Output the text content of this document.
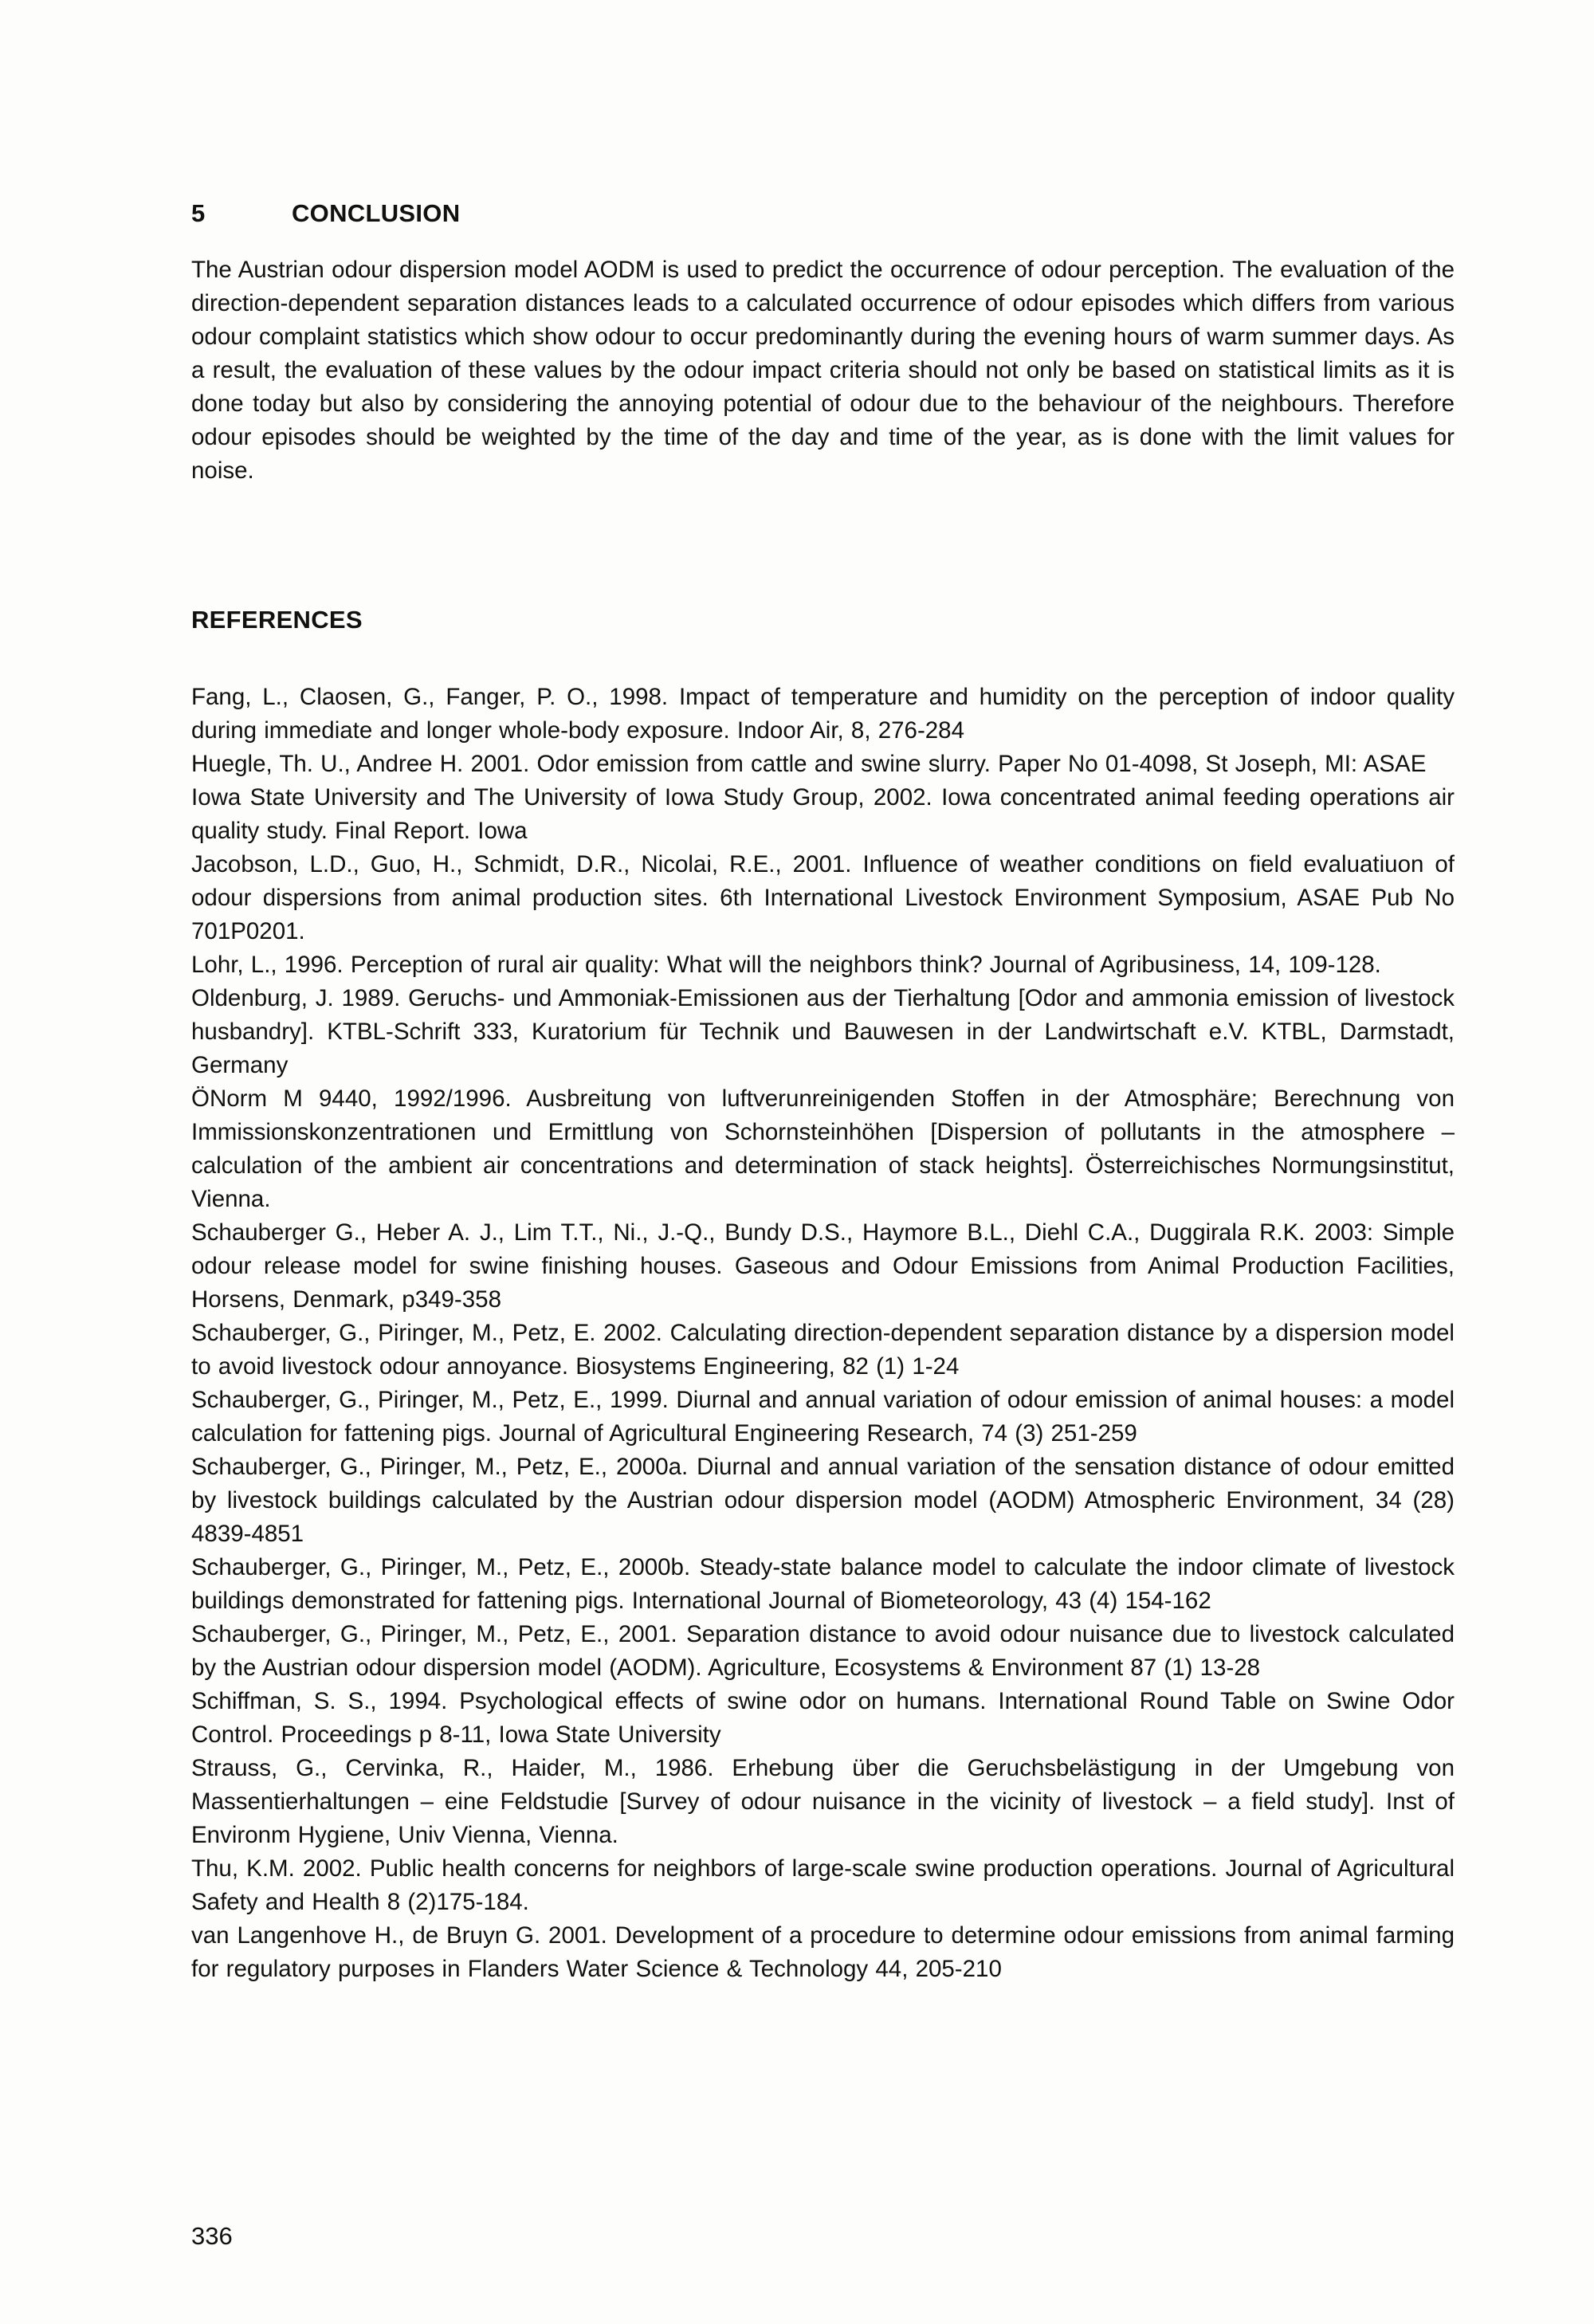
5	CONCLUSION

The Austrian odour dispersion model AODM is used to predict the occurrence of odour perception. The evaluation of the direction-dependent separation distances leads to a calculated occurrence of odour episodes which differs from various odour complaint statistics which show odour to occur predominantly during the evening hours of warm summer days. As a result, the evaluation of these values by the odour impact criteria should not only be based on statistical limits as it is done today but also by considering the annoying potential of odour due to the behaviour of the neighbours. Therefore odour episodes should be weighted by the time of the day and time of the year, as is done with the limit values for noise.

REFERENCES

Fang, L., Claosen, G., Fanger, P. O., 1998. Impact of temperature and humidity on the perception of indoor quality during immediate and longer whole-body exposure. Indoor Air, 8, 276-284

Huegle, Th. U., Andree H. 2001. Odor emission from cattle and swine slurry. Paper No 01-4098, St Joseph, MI: ASAE

Iowa State University and The University of Iowa Study Group, 2002. Iowa concentrated animal feeding operations air quality study. Final Report. Iowa

Jacobson, L.D., Guo, H., Schmidt, D.R., Nicolai, R.E., 2001. Influence of weather conditions on field evaluatiuon of odour dispersions from animal production sites. 6th International Livestock Environment Symposium, ASAE Pub No 701P0201.

Lohr, L., 1996. Perception of rural air quality: What will the neighbors think? Journal of Agribusiness, 14, 109-128.

Oldenburg, J. 1989. Geruchs- und Ammoniak-Emissionen aus der Tierhaltung [Odor and ammonia emission of livestock husbandry]. KTBL-Schrift 333, Kuratorium für Technik und Bauwesen in der Landwirtschaft e.V. KTBL, Darmstadt, Germany

ÖNorm M 9440, 1992/1996. Ausbreitung von luftverunreinigenden Stoffen in der Atmosphäre; Berechnung von Immissionskonzentrationen und Ermittlung von Schornsteinhöhen [Dispersion of pollutants in the atmosphere – calculation of the ambient air concentrations and determination of stack heights]. Österreichisches Normungsinstitut, Vienna.

Schauberger G., Heber A. J., Lim T.T., Ni., J.-Q., Bundy D.S., Haymore B.L., Diehl C.A., Duggirala R.K. 2003: Simple odour release model for swine finishing houses. Gaseous and Odour Emissions from Animal Production Facilities, Horsens, Denmark, p349-358

Schauberger, G., Piringer, M., Petz, E. 2002. Calculating direction-dependent separation distance by a dispersion model to avoid livestock odour annoyance. Biosystems Engineering, 82 (1) 1-24

Schauberger, G., Piringer, M., Petz, E., 1999. Diurnal and annual variation of odour emission of animal houses: a model calculation for fattening pigs. Journal of Agricultural Engineering Research, 74 (3) 251-259

Schauberger, G., Piringer, M., Petz, E., 2000a. Diurnal and annual variation of the sensation distance of odour emitted by livestock buildings calculated by the Austrian odour dispersion model (AODM) Atmospheric Environment, 34 (28) 4839-4851

Schauberger, G., Piringer, M., Petz, E., 2000b. Steady-state balance model to calculate the indoor climate of livestock buildings demonstrated for fattening pigs. International Journal of Biometeorology, 43 (4) 154-162

Schauberger, G., Piringer, M., Petz, E., 2001. Separation distance to avoid odour nuisance due to livestock calculated by the Austrian odour dispersion model (AODM). Agriculture, Ecosystems & Environment 87 (1) 13-28

Schiffman, S. S., 1994. Psychological effects of swine odor on humans. International Round Table on Swine Odor Control. Proceedings p 8-11, Iowa State University

Strauss, G., Cervinka, R., Haider, M., 1986. Erhebung über die Geruchsbelästigung in der Umgebung von Massentierhaltungen – eine Feldstudie [Survey of odour nuisance in the vicinity of livestock – a field study]. Inst of Environm Hygiene, Univ Vienna, Vienna.

Thu, K.M. 2002. Public health concerns for neighbors of large-scale swine production operations. Journal of Agricultural Safety and Health 8 (2)175-184.

van Langenhove H., de Bruyn G. 2001. Development of a procedure to determine odour emissions from animal farming for regulatory purposes in Flanders Water Science & Technology 44, 205-210

336
